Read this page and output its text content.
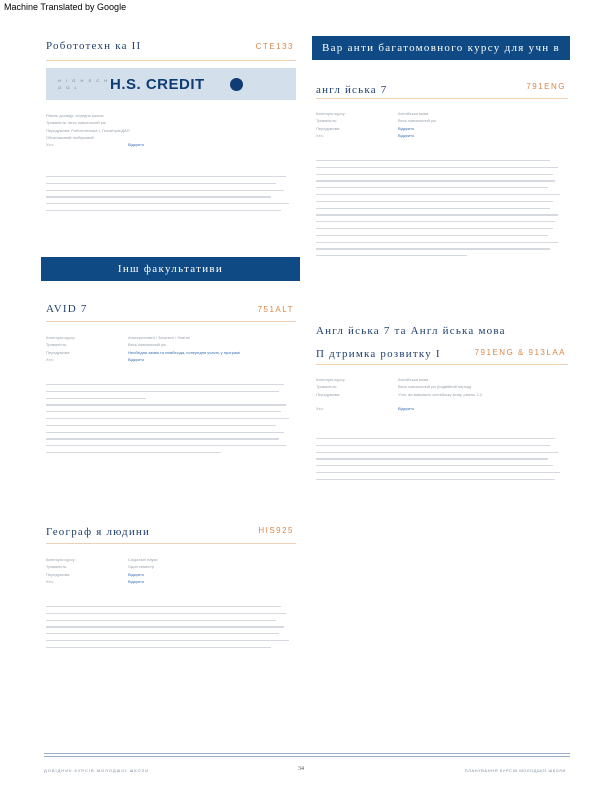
Machine Translated by Google
Робототехн ка II	CTE133
H I G H S C H
O O L	H.S. CREDIT
Рівень досвіду: середня школа
Тривалість: весь навчальний рік
Передумови: Робототехніка I, Геометрія/ДАП
Обов'язковий: вибірковий
Хто:	Відкрито
Інш факультативи
AVID 7	751ALT
Категорія курсу:	Альтернативні / Загальні / Освітні
Тривалість:	Весь навчальний рік
Передумови:	Необхідна заява та співбесіда, попередня участь у програмі
Хто:	Відкрито
Географ я людини	HIS925
Категорія курсу:	Соціальні науки
Тривалість:	Один семестр
Передумови:	Відкрито
Хто:	Відкрито
Вар анти багатомовного курсу для учн в
англ йська 7	791ENG
Категорія курсу:	Англійська мова
Тривалість:	Весь навчальний рік
Передумови:	Відкрито
Хто:	Відкрито
Англ йська 7 та Англ йська мова
П дтримка розвитку I	791ENG & 913LAA
Категорія курсу:	Англійська мова
Тривалість:	Весь навчальний рік (подвійний період)
Передумови:	Учні, які вивчають англійську мову, рівень 1-2
Хто:	Відкрито
ДОВІДНИК КУРСІВ МОЛОДШОЇ ШКОЛИ	34	ПЛАНУВАННЯ КУРСІВ МОЛОДШОЇ ШКОЛИ
